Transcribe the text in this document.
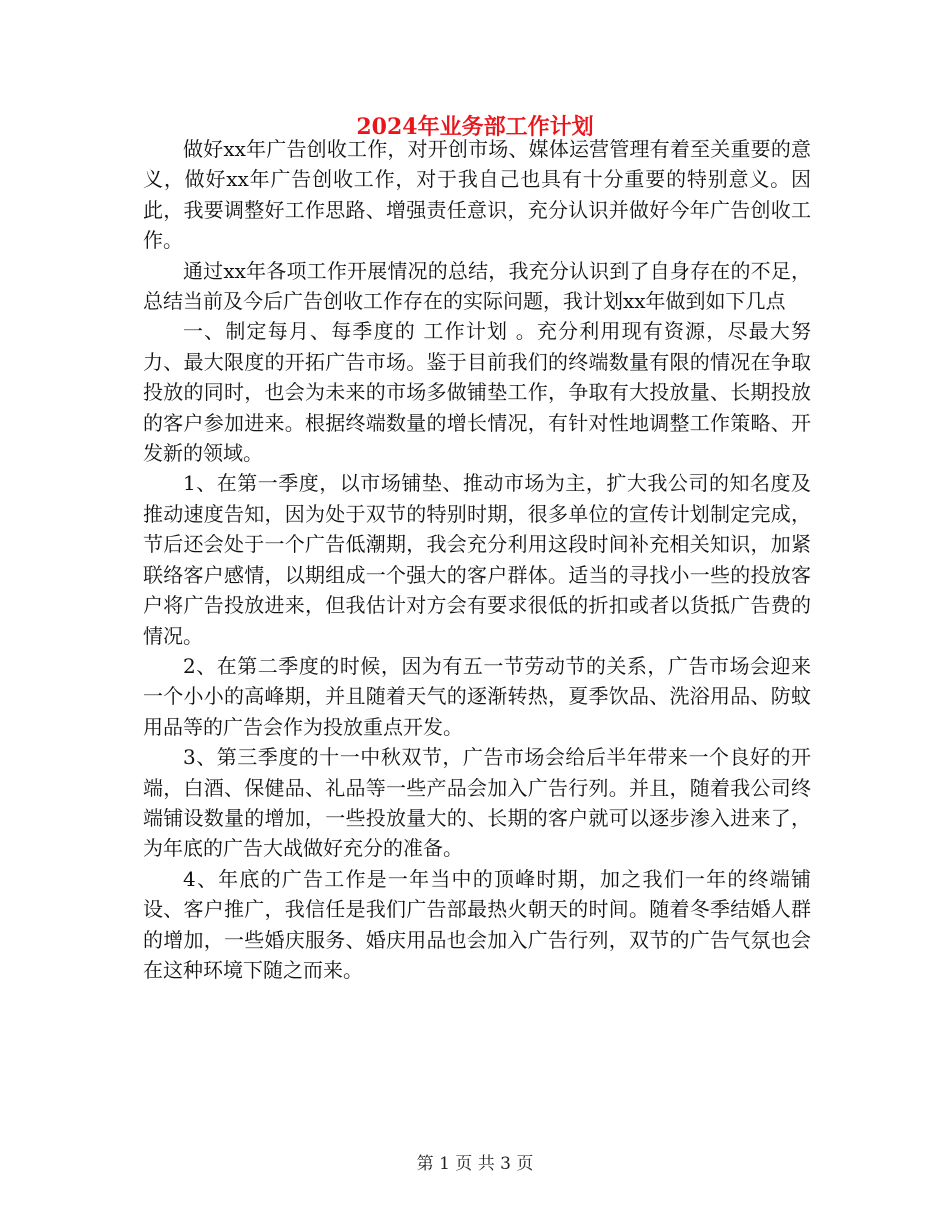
2024年业务部工作计划

做好xx年广告创收工作，对开创市场、媒体运营管理有着至关重要的意义，做好xx年广告创收工作，对于我自己也具有十分重要的特别意义。因此，我要调整好工作思路、增强责任意识，充分认识并做好今年广告创收工作。

通过xx年各项工作开展情况的总结，我充分认识到了自身存在的不足，总结当前及今后广告创收工作存在的实际问题，我计划xx年做到如下几点

一、制定每月、每季度的 工作计划 。充分利用现有资源，尽最大努力、最大限度的开拓广告市场。鉴于目前我们的终端数量有限的情况在争取投放的同时，也会为未来的市场多做铺垫工作，争取有大投放量、长期投放的客户参加进来。根据终端数量的增长情况，有针对性地调整工作策略、开发新的领域。

1、在第一季度，以市场铺垫、推动市场为主，扩大我公司的知名度及推动速度告知，因为处于双节的特别时期，很多单位的宣传计划制定完成，节后还会处于一个广告低潮期，我会充分利用这段时间补充相关知识，加紧联络客户感情，以期组成一个强大的客户群体。适当的寻找小一些的投放客户将广告投放进来，但我估计对方会有要求很低的折扣或者以货抵广告费的情况。

2、在第二季度的时候，因为有五一节劳动节的关系，广告市场会迎来一个小小的高峰期，并且随着天气的逐渐转热，夏季饮品、洗浴用品、防蚊用品等的广告会作为投放重点开发。

3、第三季度的十一中秋双节，广告市场会给后半年带来一个良好的开端，白酒、保健品、礼品等一些产品会加入广告行列。并且，随着我公司终端铺设数量的增加，一些投放量大的、长期的客户就可以逐步渗入进来了，为年底的广告大战做好充分的准备。

4、年底的广告工作是一年当中的顶峰时期，加之我们一年的终端铺设、客户推广，我信任是我们广告部最热火朝天的时间。随着冬季结婚人群的增加，一些婚庆服务、婚庆用品也会加入广告行列，双节的广告气氛也会在这种环境下随之而来。

第 1 页 共 3 页
